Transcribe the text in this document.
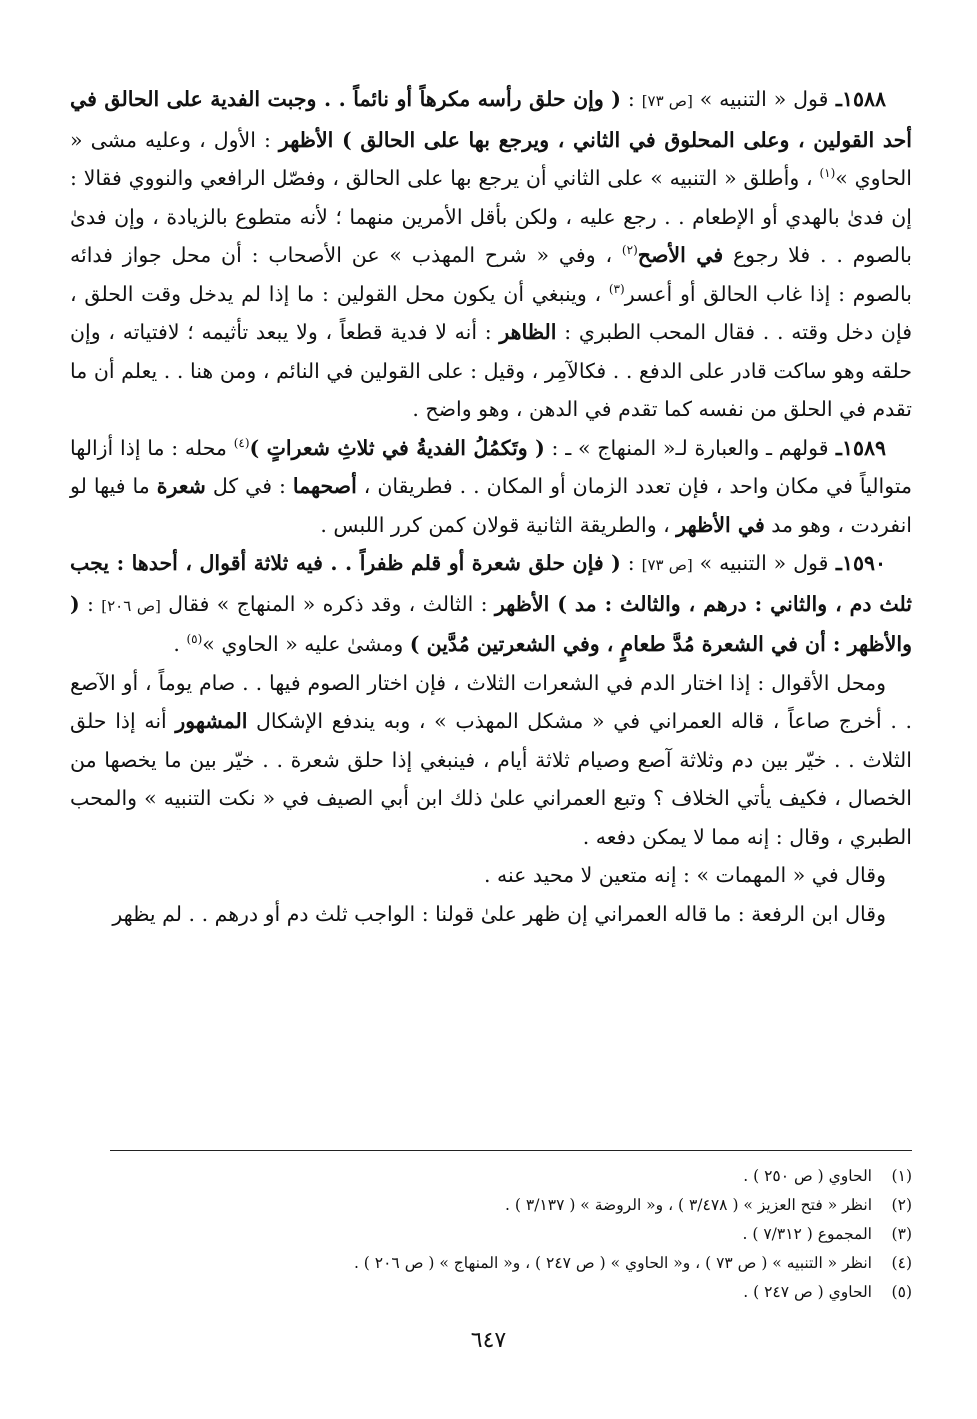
١٥٨٨ـ قول « التنبيه » [ص ٧٣] : ( وإن حلق رأسه مكرهاً أو نائماً . . وجبت الفدية على الحالق في أحد القولين ، وعلى المحلوق في الثاني ، ويرجع بها على الحالق ) الأظهر : الأول ، وعليه مشى « الحاوي »$^{(١)}$ ، وأطلق « التنبيه » على الثاني أن يرجع بها على الحالق ، وفصّل الرافعي والنووي فقالا : إن فدىٰ بالهدي أو الإطعام . . رجع عليه ، ولكن بأقل الأمرين منهما ؛ لأنه متطوع بالزيادة ، وإن فدىٰ بالصوم . . فلا رجوع في الأصح$^{(٢)}$ ، وفي « شرح المهذب » عن الأصحاب : أن محل جواز فدائه بالصوم : إذا غاب الحالق أو أعسر$^{(٣)}$ ، وينبغي أن يكون محل القولين : ما إذا لم يدخل وقت الحلق ، فإن دخل وقته . . فقال المحب الطبري : الظاهر : أنه لا فدية قطعاً ، ولا يبعد تأثيمه ؛ لافتياته ، وإن حلقه وهو ساكت قادر على الدفع . . فكالآمِر ، وقيل : على القولين في النائم ، ومن هنا . . يعلم أن ما تقدم في الحلق من نفسه كما تقدم في الدهن ، وهو واضح .

١٥٨٩ـ قولهم ـ والعبارة لـ« المنهاج » ـ : ( وتَكمُلُ الفديةُ في ثلاثِ شعراتٍ )$^{(٤)}$ محله : ما إذا أزالها متوالياً في مكان واحد ، فإن تعدد الزمان أو المكان . . فطريقان ، أصحهما : في كل شعرة ما فيها لو انفردت ، وهو مد في الأظهر ، والطريقة الثانية قولان كمن كرر اللبس .

١٥٩٠ـ قول « التنبيه » [ص ٧٣] : ( فإن حلق شعرة أو قلم ظفراً . . فيه ثلاثة أقوال ، أحدها : يجب ثلث دم ، والثاني : درهم ، والثالث : مد ) الأظهر : الثالث ، وقد ذكره « المنهاج » فقال [ص ٢٠٦] : ( والأظهر : أن في الشعرة مُدَّ طعامٍ ، وفي الشعرتين مُدَّين ) ومشىٰ عليه « الحاوي »$^{(٥)}$ .

ومحل الأقوال : إذا اختار الدم في الشعرات الثلاث ، فإن اختار الصوم فيها . . صام يوماً ، أو الآصع . . أخرج صاعاً ، قاله العمراني في « مشكل المهذب » ، وبه يندفع الإشكال المشهور أنه إذا حلق الثلاث . . خيّر بين دم وثلاثة آصع وصيام ثلاثة أيام ، فينبغي إذا حلق شعرة . . خيّر بين ما يخصها من الخصال ، فكيف يأتي الخلاف ؟ وتبع العمراني علىٰ ذلك ابن أبي الصيف في « نكت التنبيه » والمحب الطبري ، وقال : إنه مما لا يمكن دفعه .

وقال في « المهمات » : إنه متعين لا محيد عنه .

وقال ابن الرفعة : ما قاله العمراني إن ظهر علىٰ قولنا : الواجب ثلث دم أو درهم . . لم يظهر

(١)
الحاوي ( ص ٢٥٠ ) .
(٢)
انظر « فتح العزيز » ( ٣/٤٧٨ ) ، و« الروضة » ( ٣/١٣٧ ) .
(٣)
المجموع ( ٧/٣١٢ ) .
(٤)
انظر « التنبيه » ( ص ٧٣ ) ، و« الحاوي » ( ص ٢٤٧ ) ، و« المنهاج » ( ص ٢٠٦ ) .
(٥)
الحاوي ( ص ٢٤٧ ) .
٦٤٧
